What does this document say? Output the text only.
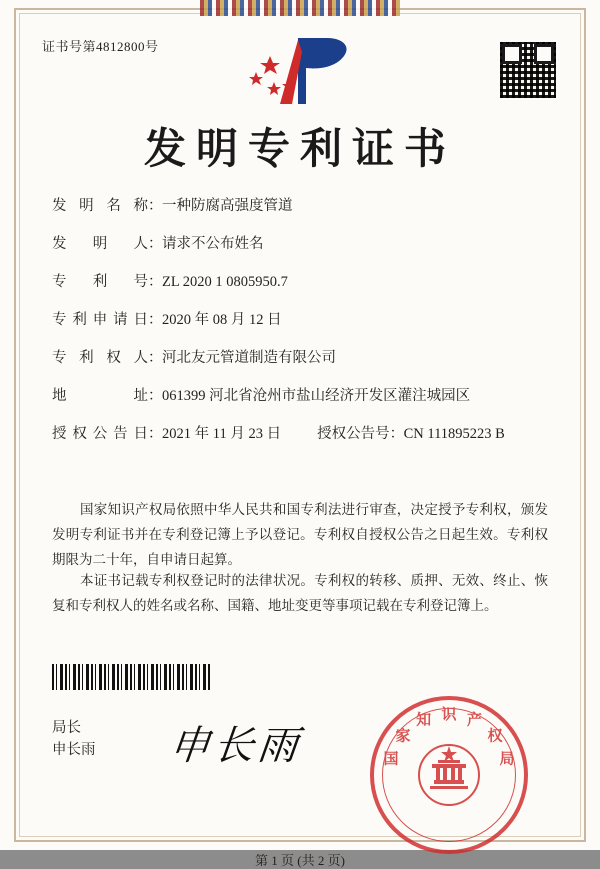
证书号第4812800号
发明专利证书
发明名称：一种防腐高强度管道
发明人：请求不公布姓名
专利号：ZL 2020 1 0805950.7
专利申请日：2020 年 08 月 12 日
专利权人：河北友元管道制造有限公司
地址：061399 河北省沧州市盐山经济开发区灌注城园区
授权公告日：2021 年 11 月 23 日 授权公告号：CN 111895223 B
国家知识产权局依照中华人民共和国专利法进行审查，决定授予专利权，颁发发明专利证书并在专利登记簿上予以登记。专利权自授权公告之日起生效。专利权期限为二十年，自申请日起算。
本证书记载专利权登记时的法律状况。专利权的转移、质押、无效、终止、恢复和专利权人的姓名或名称、国籍、地址变更等事项记载在专利登记簿上。
局长
申长雨 申长雨	国
家
知 识 产
权
局
第 1 页 (共 2 页)
